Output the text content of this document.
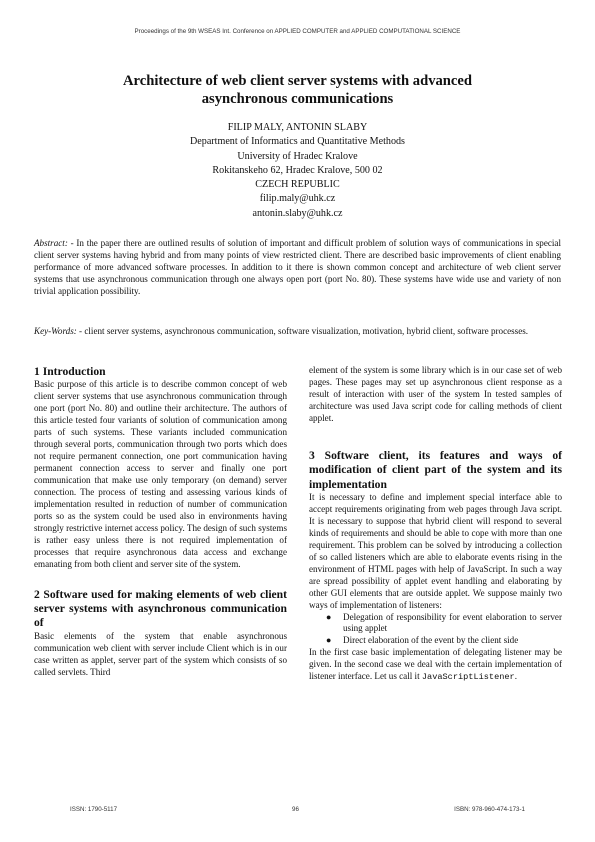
Proceedings of the 9th WSEAS Int. Conference on APPLIED COMPUTER and APPLIED COMPUTATIONAL SCIENCE
Architecture of web client server systems with advanced
asynchronous communications
FILIP MALY, ANTONIN SLABY
Department of Informatics and Quantitative Methods
University of Hradec Kralove
Rokitanskeho 62, Hradec Kralove, 500 02
CZECH REPUBLIC
filip.maly@uhk.cz
antonin.slaby@uhk.cz
Abstract: - In the paper there are outlined results of solution of important and difficult problem of solution ways of communications in special client server systems having hybrid and from many points of view restricted client. There are described basic improvements of client enabling performance of more advanced software processes. In addition to it there is shown common concept and architecture of web client server systems that use asynchronous communication through one always open port (port No. 80). These systems have wide use and variety of non trivial application possibility.
Key-Words: - client server systems, asynchronous communication, software visualization, motivation, hybrid client, software processes.

1 Introduction

Basic purpose of this article is to describe common concept of web client server systems that use asynchronous communication through one port (port No. 80) and outline their architecture. The authors of this article tested four variants of solution of communication among parts of such systems. These variants included communication through several ports, communication through two ports which does not require permanent connection, one port communication having permanent connection access to server and finally one port communication that make use only temporary (on demand) server connection. The process of testing and assessing various kinds of implementation resulted in reduction of number of communication ports so as the system could be used also in environments having strongly restrictive internet access policy. The design of such systems is rather easy unless there is not required implementation of processes that require asynchronous data access and exchange emanating from both client and server site of the system.

2 Software used for making elements of web client server systems with asynchronous communication of

Basic elements of the system that enable asynchronous communication web client with server include Client which is in our case written as applet, server part of the system which consists of so called servlets. Third

element of the system is some library which is in our case set of web pages. These pages may set up asynchronous client response as a result of interaction with user of the system In tested samples of architecture was used Java script code for calling methods of client applet.

3 Software client, its features and ways of modification of client part of the system and its implementation

It is necessary to define and implement special interface able to accept requirements originating from web pages through Java script. It is necessary to suppose that hybrid client will respond to several kinds of requirements and should be able to cope with more than one requirement. This problem can be solved by introducing a collection of so called listeners which are able to elaborate events rising in the environment of HTML pages with help of JavaScript. In such a way are spread possibility of applet event handling and elaborating by other GUI elements that are outside applet. We suppose mainly two ways of implementation of listeners:

● Delegation of responsibility for event elaboration to server using applet
● Direct elaboration of the event by the client side

In the first case basic implementation of delegating listener may be given. In the second case we deal with the certain implementation of listener interface. Let us call it JavaScriptListener.

ISSN: 1790-5117	96	ISBN: 978-960-474-173-1
